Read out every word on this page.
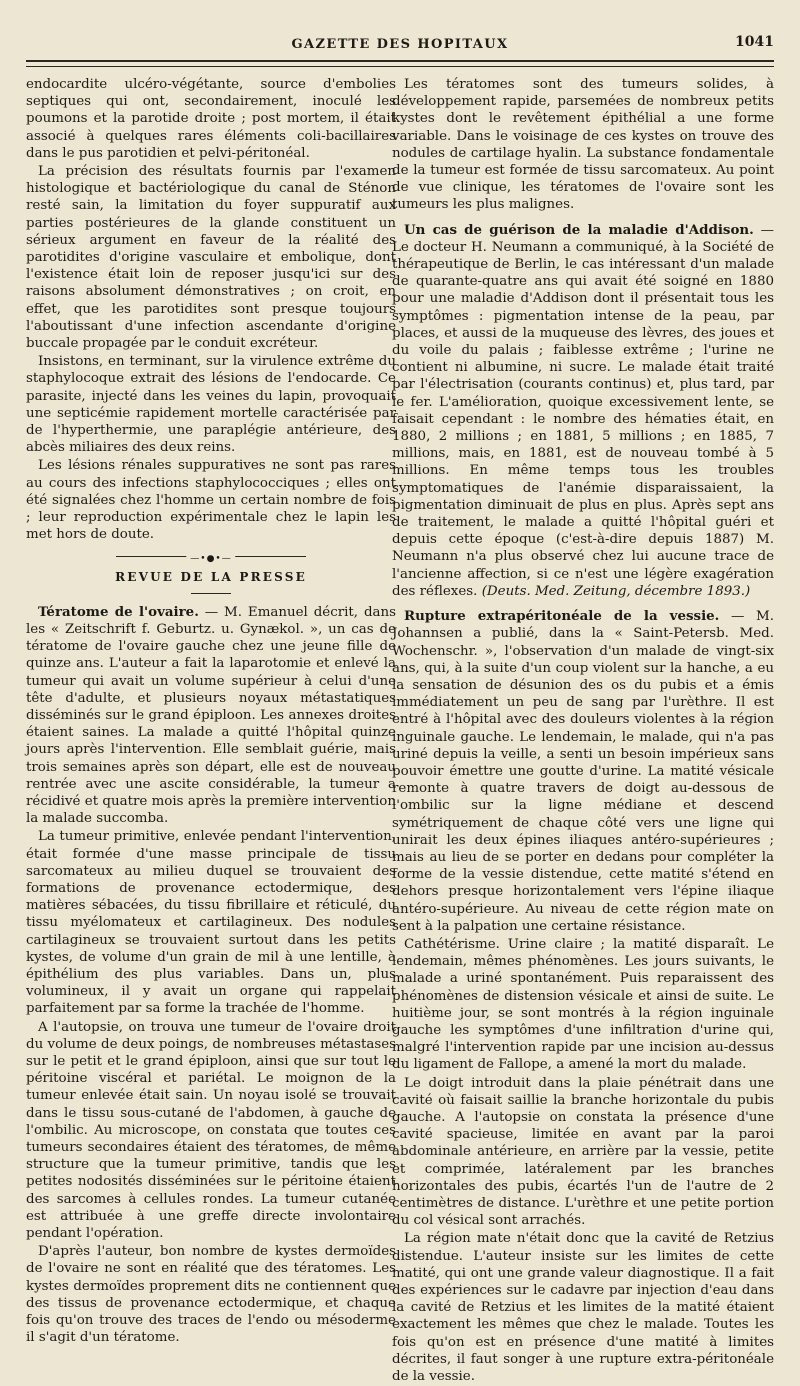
GAZETTE DES HOPITAUX	1041

endocardite ulcéro-végétante, source d'embolies septiques qui ont, secondairement, inoculé les poumons et la parotide droite ; post mortem, il était associé à quelques rares éléments coli-bacillaires dans le pus parotidien et pelvi-péritonéal.

La précision des résultats fournis par l'examen histologique et bactériologique du canal de Sténon resté sain, la limitation du foyer suppuratif aux parties postérieures de la glande constituent un sérieux argument en faveur de la réalité des parotidites d'origine vasculaire et embolique, dont l'existence était loin de reposer jusqu'ici sur des raisons absolument démonstratives ; on croit, en effet, que les parotidites sont presque toujours l'aboutissant d'une infection ascendante d'origine buccale propagée par le conduit excréteur.

Insistons, en terminant, sur la virulence extrême du staphylocoque extrait des lésions de l'endocarde. Ce parasite, injecté dans les veines du lapin, provoquait une septicémie rapidement mortelle caractérisée par de l'hyperthermie, une paraplégie antérieure, des abcès miliaires des deux reins.

Les lésions rénales suppuratives ne sont pas rares au cours des infections staphylococciques ; elles ont été signalées chez l'homme un certain nombre de fois ; leur reproduction expérimentale chez le lapin les met hors de doute.

—•●•—
REVUE DE LA PRESSE

Tératome de l'ovaire. — M. Emanuel décrit, dans les « Zeitschrift f. Geburtz. u. Gynækol. », un cas de tératome de l'ovaire gauche chez une jeune fille de quinze ans. L'auteur a fait la laparotomie et enlevé la tumeur qui avait un volume supérieur à celui d'une tête d'adulte, et plusieurs noyaux métastatiques disséminés sur le grand épiploon. Les annexes droites étaient saines. La malade a quitté l'hôpital quinze jours après l'intervention. Elle semblait guérie, mais trois semaines après son départ, elle est de nouveau rentrée avec une ascite considérable, la tumeur a récidivé et quatre mois après la première intervention la malade succomba.

La tumeur primitive, enlevée pendant l'intervention, était formée d'une masse principale de tissu sarcomateux au milieu duquel se trouvaient des formations de provenance ectodermique, des matières sébacées, du tissu fibrillaire et réticulé, du tissu myélomateux et cartilagineux. Des nodules cartilagineux se trouvaient surtout dans les petits kystes, de volume d'un grain de mil à une lentille, à épithélium des plus variables. Dans un, plus volumineux, il y avait un organe qui rappelait parfaitement par sa forme la trachée de l'homme.

A l'autopsie, on trouva une tumeur de l'ovaire droit du volume de deux poings, de nombreuses métastases sur le petit et le grand épiploon, ainsi que sur tout le péritoine viscéral et pariétal. Le moignon de la tumeur enlevée était sain. Un noyau isolé se trouvait dans le tissu sous-cutané de l'abdomen, à gauche de l'ombilic. Au microscope, on constata que toutes ces tumeurs secondaires étaient des tératomes, de même structure que la tumeur primitive, tandis que les petites nodosités disséminées sur le péritoine étaient des sarcomes à cellules rondes. La tumeur cutanée est attribuée à une greffe directe involontaire pendant l'opération.

D'après l'auteur, bon nombre de kystes dermoïdes de l'ovaire ne sont en réalité que des tératomes. Les kystes dermoïdes proprement dits ne contiennent que des tissus de provenance ectodermique, et chaque fois qu'on trouve des traces de l'endo ou mésoderme il s'agit d'un tératome.

Les tératomes sont des tumeurs solides, à développement rapide, parsemées de nombreux petits kystes dont le revêtement épithélial a une forme variable. Dans le voisinage de ces kystes on trouve des nodules de cartilage hyalin. La substance fondamentale de la tumeur est formée de tissu sarcomateux. Au point de vue clinique, les tératomes de l'ovaire sont les tumeurs les plus malignes.

Un cas de guérison de la maladie d'Addison. — Le docteur H. Neumann a communiqué, à la Société de thérapeutique de Berlin, le cas intéressant d'un malade de quarante-quatre ans qui avait été soigné en 1880 pour une maladie d'Addison dont il présentait tous les symptômes : pigmentation intense de la peau, par places, et aussi de la muqueuse des lèvres, des joues et du voile du palais ; faiblesse extrême ; l'urine ne contient ni albumine, ni sucre. Le malade était traité par l'électrisation (courants continus) et, plus tard, par le fer. L'amélioration, quoique excessivement lente, se faisait cependant : le nombre des hématies était, en 1880, 2 millions ; en 1881, 5 millions ; en 1885, 7 millions, mais, en 1881, est de nouveau tombé à 5 millions. En même temps tous les troubles symptomatiques de l'anémie disparaissaient, la pigmentation diminuait de plus en plus. Après sept ans de traitement, le malade a quitté l'hôpital guéri et depuis cette époque (c'est-à-dire depuis 1887) M. Neumann n'a plus observé chez lui aucune trace de l'ancienne affection, si ce n'est une légère exagération des réflexes. (Deuts. Med. Zeitung, décembre 1893.)

Rupture extrapéritonéale de la vessie. — M. Johannsen a publié, dans la « Saint-Petersb. Med. Wochenschr. », l'observation d'un malade de vingt-six ans, qui, à la suite d'un coup violent sur la hanche, a eu la sensation de désunion des os du pubis et a émis immédiatement un peu de sang par l'urèthre. Il est entré à l'hôpital avec des douleurs violentes à la région inguinale gauche. Le lendemain, le malade, qui n'a pas uriné depuis la veille, a senti un besoin impérieux sans pouvoir émettre une goutte d'urine. La matité vésicale remonte à quatre travers de doigt au-dessous de l'ombilic sur la ligne médiane et descend symétriquement de chaque côté vers une ligne qui unirait les deux épines iliaques antéro-supérieures ; mais au lieu de se porter en dedans pour compléter la forme de la vessie distendue, cette matité s'étend en dehors presque horizontalement vers l'épine iliaque antéro-supérieure. Au niveau de cette région mate on sent à la palpation une certaine résistance.

Cathétérisme. Urine claire ; la matité disparaît. Le lendemain, mêmes phénomènes. Les jours suivants, le malade a uriné spontanément. Puis reparaissent des phénomènes de distension vésicale et ainsi de suite. Le huitième jour, se sont montrés à la région inguinale gauche les symptômes d'une infiltration d'urine qui, malgré l'intervention rapide par une incision au-dessus du ligament de Fallope, a amené la mort du malade.

Le doigt introduit dans la plaie pénétrait dans une cavité où faisait saillie la branche horizontale du pubis gauche. A l'autopsie on constata la présence d'une cavité spacieuse, limitée en avant par la paroi abdominale antérieure, en arrière par la vessie, petite et comprimée, latéralement par les branches horizontales des pubis, écartés l'un de l'autre de 2 centimètres de distance. L'urèthre et une petite portion du col vésical sont arrachés.

La région mate n'était donc que la cavité de Retzius distendue. L'auteur insiste sur les limites de cette matité, qui ont une grande valeur diagnostique. Il a fait des expériences sur le cadavre par injection d'eau dans la cavité de Retzius et les limites de la matité étaient exactement les mêmes que chez le malade. Toutes les fois qu'on est en présence d'une matité à limites décrites, il faut songer à une rupture extra-péritonéale de la vessie.
